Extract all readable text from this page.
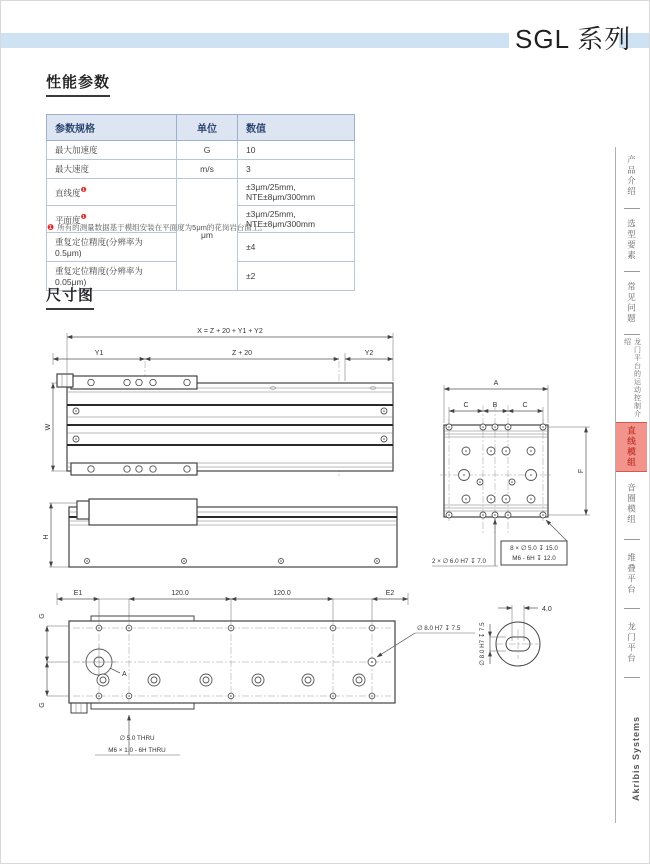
SGL 系列
性能参数
参数规格	单位	数值
最大加速度	G	10
最大速度	m/s	3
直线度$^❶$	μm	±3μm/25mm, NTE±8μm/300mm
平面度$^❶$		±3μm/25mm, NTE±8μm/300mm
重复定位精度(分辨率为0.5μm)		±4
重复定位精度(分辨率为0.05μm)		±2
❶ 所有的测量数据基于模组安装在平面度为5μm的花岗岩台面上。
尺寸图
X = Z + 20 + Y1 + Y2
Y1	Z + 20	Y2
W
A
C	B	C
F
2 × ∅ 6.0 H7 ↧ 7.0
8 × ∅ 5.0 ↧ 15.0
M6 - 6H ↧ 12.0
H
E1	120.0	120.0	E2
G
G
A
∅ 8.0 H7 ↧ 7.5
∅ 5.0 THRU
M6 × 1.0 - 6H THRU
4.0
∅ 8.0 H7 ↧ 7.5
产品介绍
选型要素
常见问题
龙门平台的运动控制介绍
直线模组
音圈模组
堆叠平台
龙门平台
Akribis Systems
